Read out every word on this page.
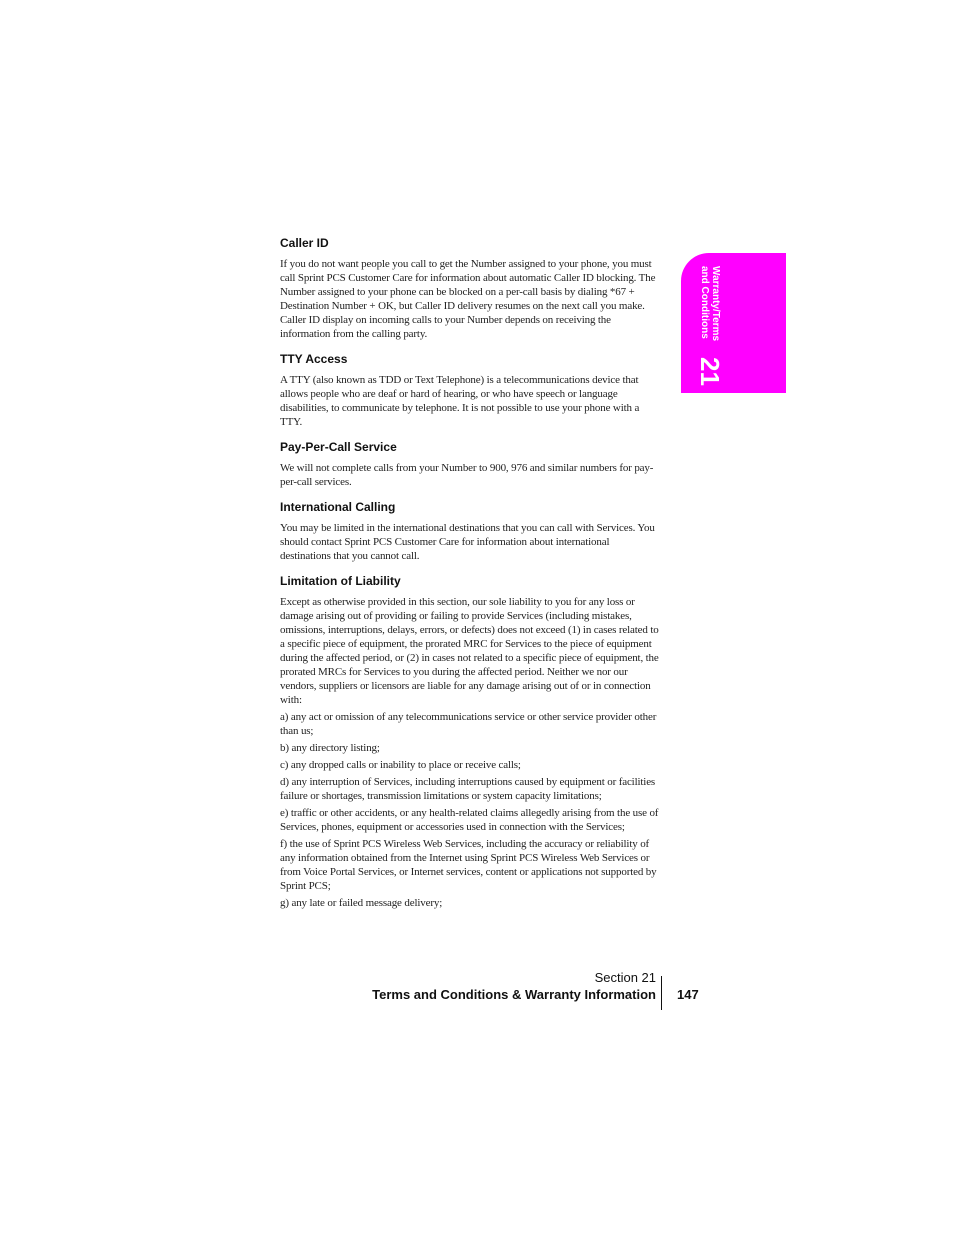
Warranty/Terms
and Conditions
21
Caller ID

If you do not want people you call to get the Number assigned to your phone, you must call Sprint PCS Customer Care for information about automatic Caller ID blocking. The Number assigned to your phone can be blocked on a per-call basis by dialing *67 + Destination Number + OK, but Caller ID delivery resumes on the next call you make. Caller ID display on incoming calls to your Number depends on receiving the information from the calling party.

TTY Access

A TTY (also known as TDD or Text Telephone) is a telecommunications device that allows people who are deaf or hard of hearing, or who have speech or language disabilities, to communicate by telephone. It is not possible to use your phone with a TTY.

Pay-Per-Call Service

We will not complete calls from your Number to 900, 976 and similar numbers for pay-per-call services.

International Calling

You may be limited in the international destinations that you can call with Services. You should contact Sprint PCS Customer Care for information about international destinations that you cannot call.

Limitation of Liability

Except as otherwise provided in this section, our sole liability to you for any loss or damage arising out of providing or failing to provide Services (including mistakes, omissions, interruptions, delays, errors, or defects) does not exceed (1) in cases related to a specific piece of equipment, the prorated MRC for Services to the piece of equipment during the affected period, or (2) in cases not related to a specific piece of equipment, the prorated MRCs for Services to you during the affected period. Neither we nor our vendors, suppliers or licensors are liable for any damage arising out of or in connection with:

a) any act or omission of any telecommunications service or other service provider other than us;

b) any directory listing;

c) any dropped calls or inability to place or receive calls;

d) any interruption of Services, including interruptions caused by equipment or facilities failure or shortages, transmission limitations or system capacity limitations;

e) traffic or other accidents, or any health-related claims allegedly arising from the use of Services, phones, equipment or accessories used in connection with the Services;

f) the use of Sprint PCS Wireless Web Services, including the accuracy or reliability of any information obtained from the Internet using Sprint PCS Wireless Web Services or from Voice Portal Services, or Internet services, content or applications not supported by Sprint PCS;

g) any late or failed message delivery;

Section 21
Terms and Conditions & Warranty Information 147
